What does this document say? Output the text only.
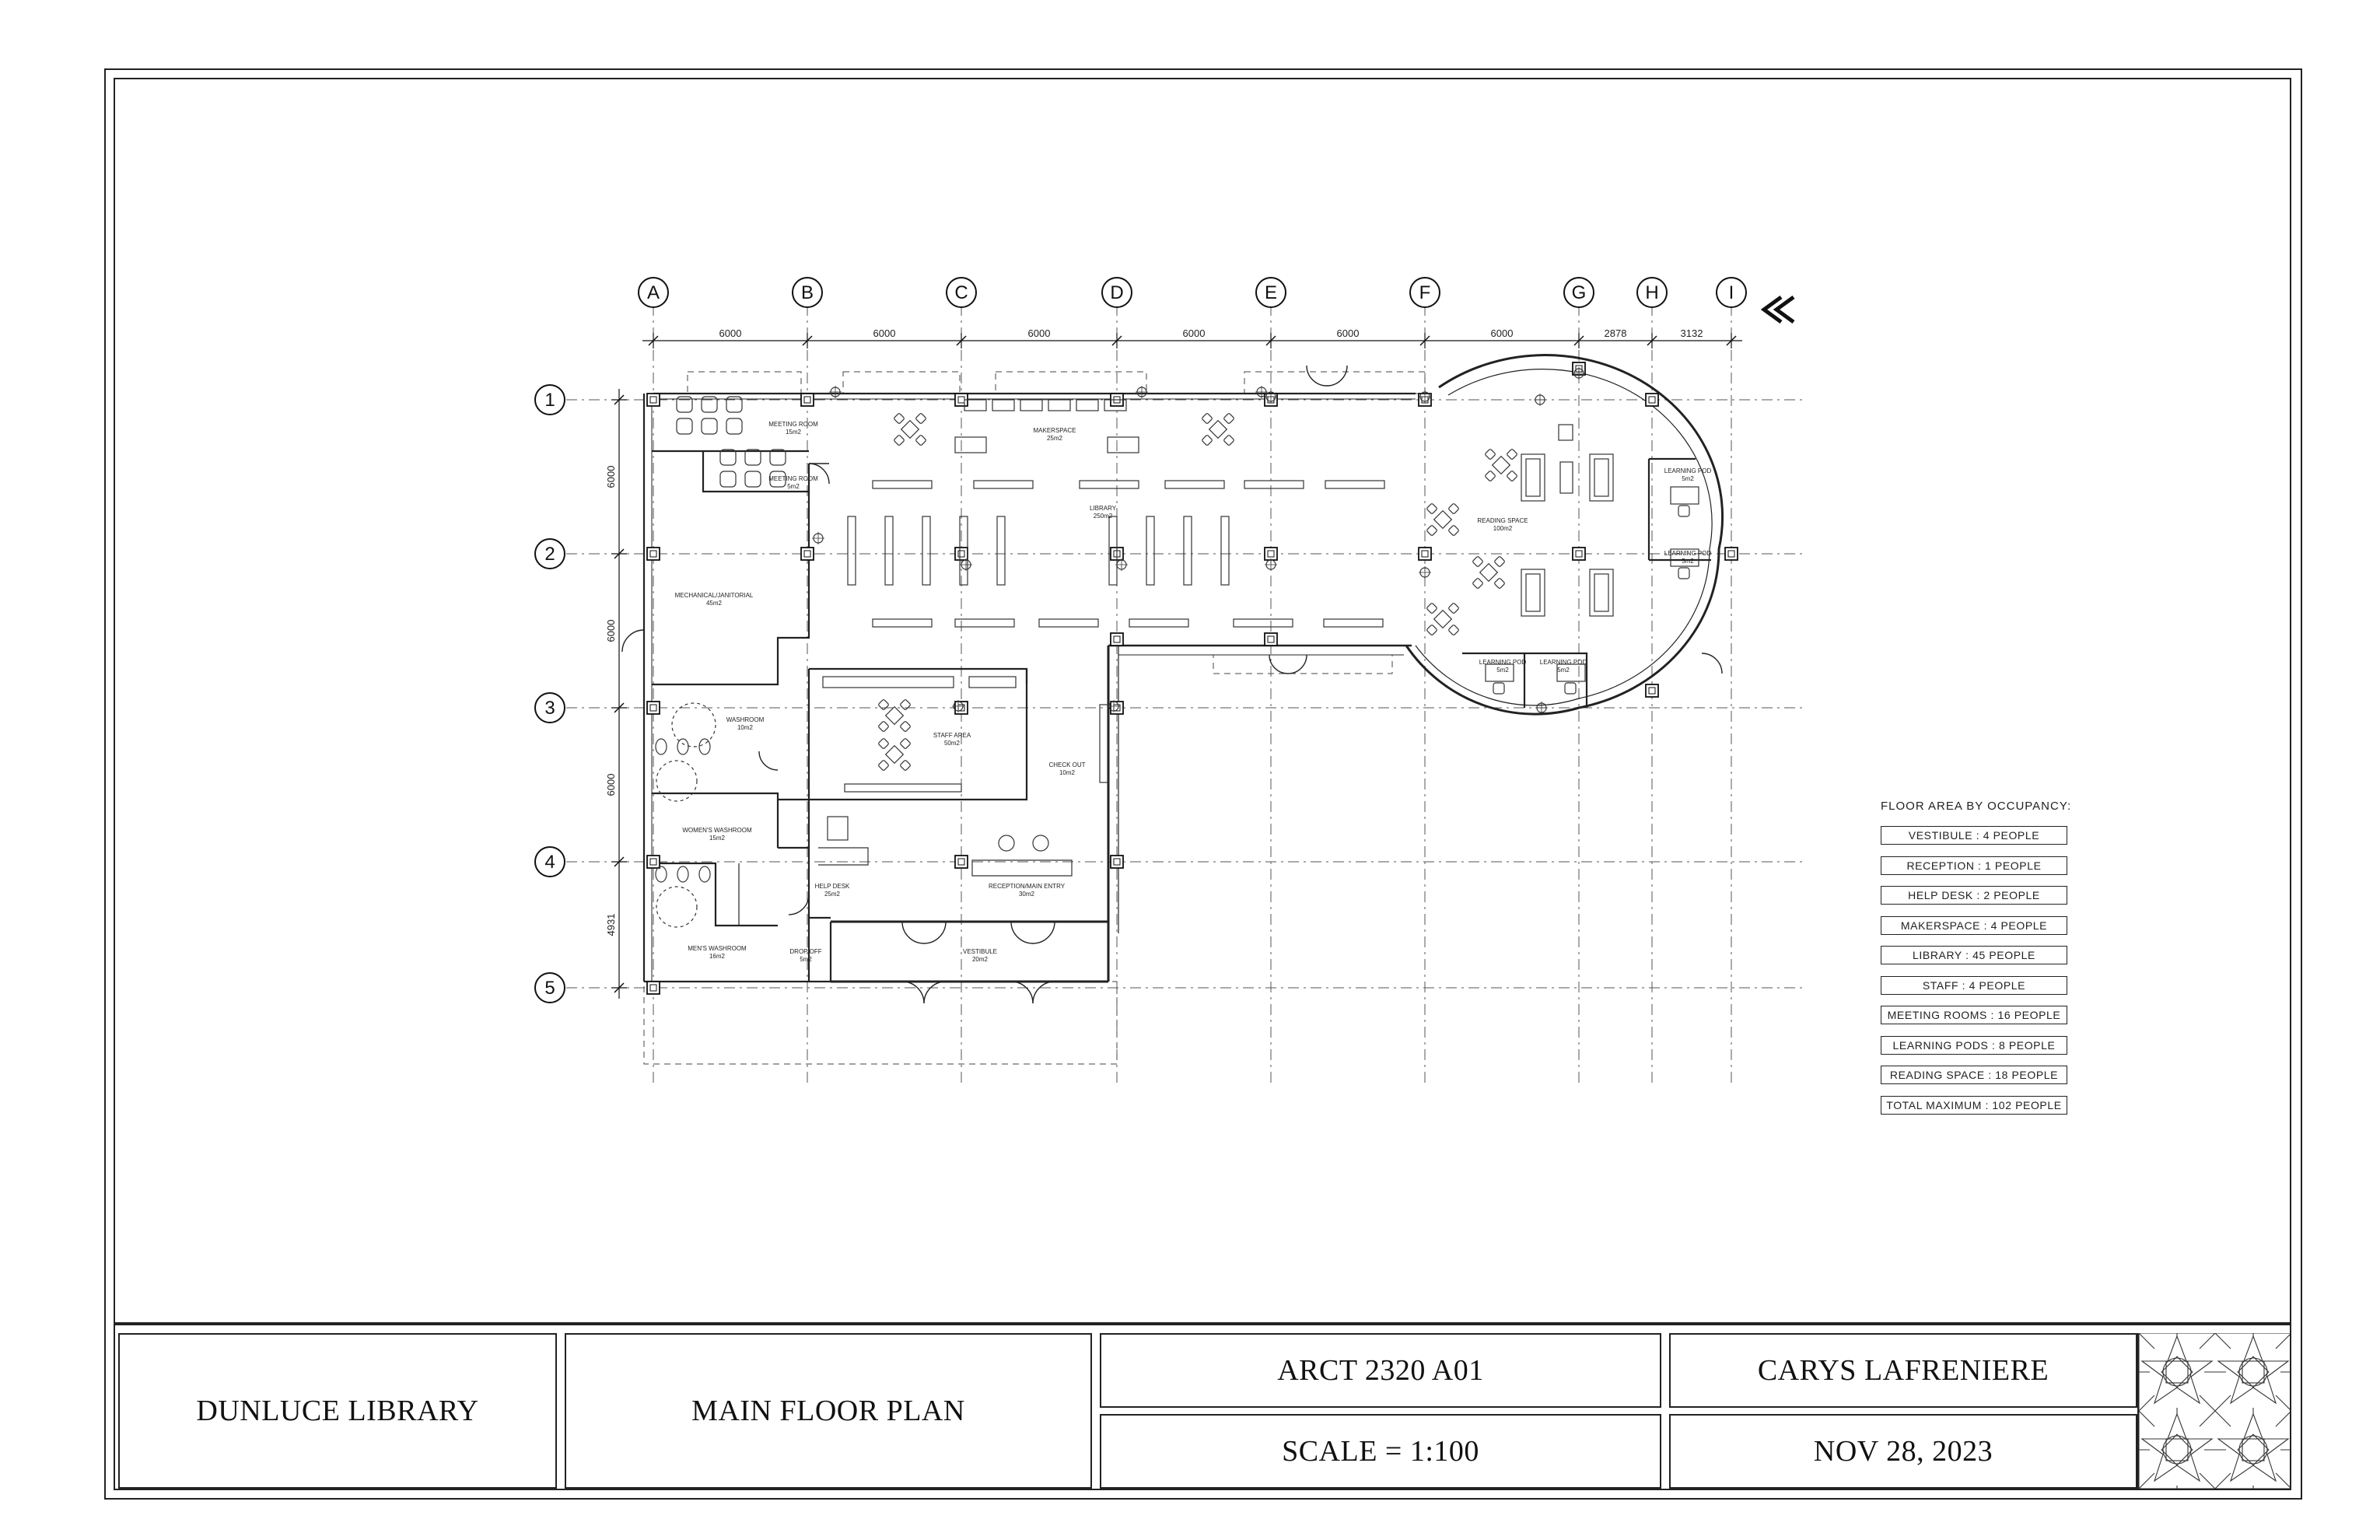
A	B	C	D	E	F	G	H	I
6000	6000	6000	6000	6000	6000	2878	3132
1
2
3
4
5
6000
6000
6000
4931
MEETING ROOM
15m2
MEETING ROOM
5m2
MAKERSPACE
25m2
LIBRARY
250m2
READING SPACE
100m2
LEARNING POD
5m2
LEARNING POD
5m2
LEARNING POD
5m2
LEARNING POD
5m2
MECHANICAL/JANITORIAL
45m2
WASHROOM
10m2
WOMEN'S WASHROOM
15m2
MEN'S WASHROOM
16m2
STAFF AREA
50m2
CHECK OUT
10m2
HELP DESK
25m2
RECEPTION/MAIN ENTRY
30m2
DROP OFF
5m2
VESTIBULE
20m2
FLOOR AREA BY OCCUPANCY:
VESTIBULE : 4 PEOPLE
RECEPTION : 1 PEOPLE
HELP DESK : 2 PEOPLE
MAKERSPACE : 4 PEOPLE
LIBRARY : 45 PEOPLE
STAFF : 4 PEOPLE
MEETING ROOMS : 16 PEOPLE
LEARNING PODS : 8 PEOPLE
READING SPACE : 18 PEOPLE
TOTAL MAXIMUM : 102 PEOPLE
DUNLUCE LIBRARY	MAIN FLOOR PLAN
ARCT 2320 A01
SCALE = 1:100
CARYS LAFRENIERE
NOV 28, 2023
